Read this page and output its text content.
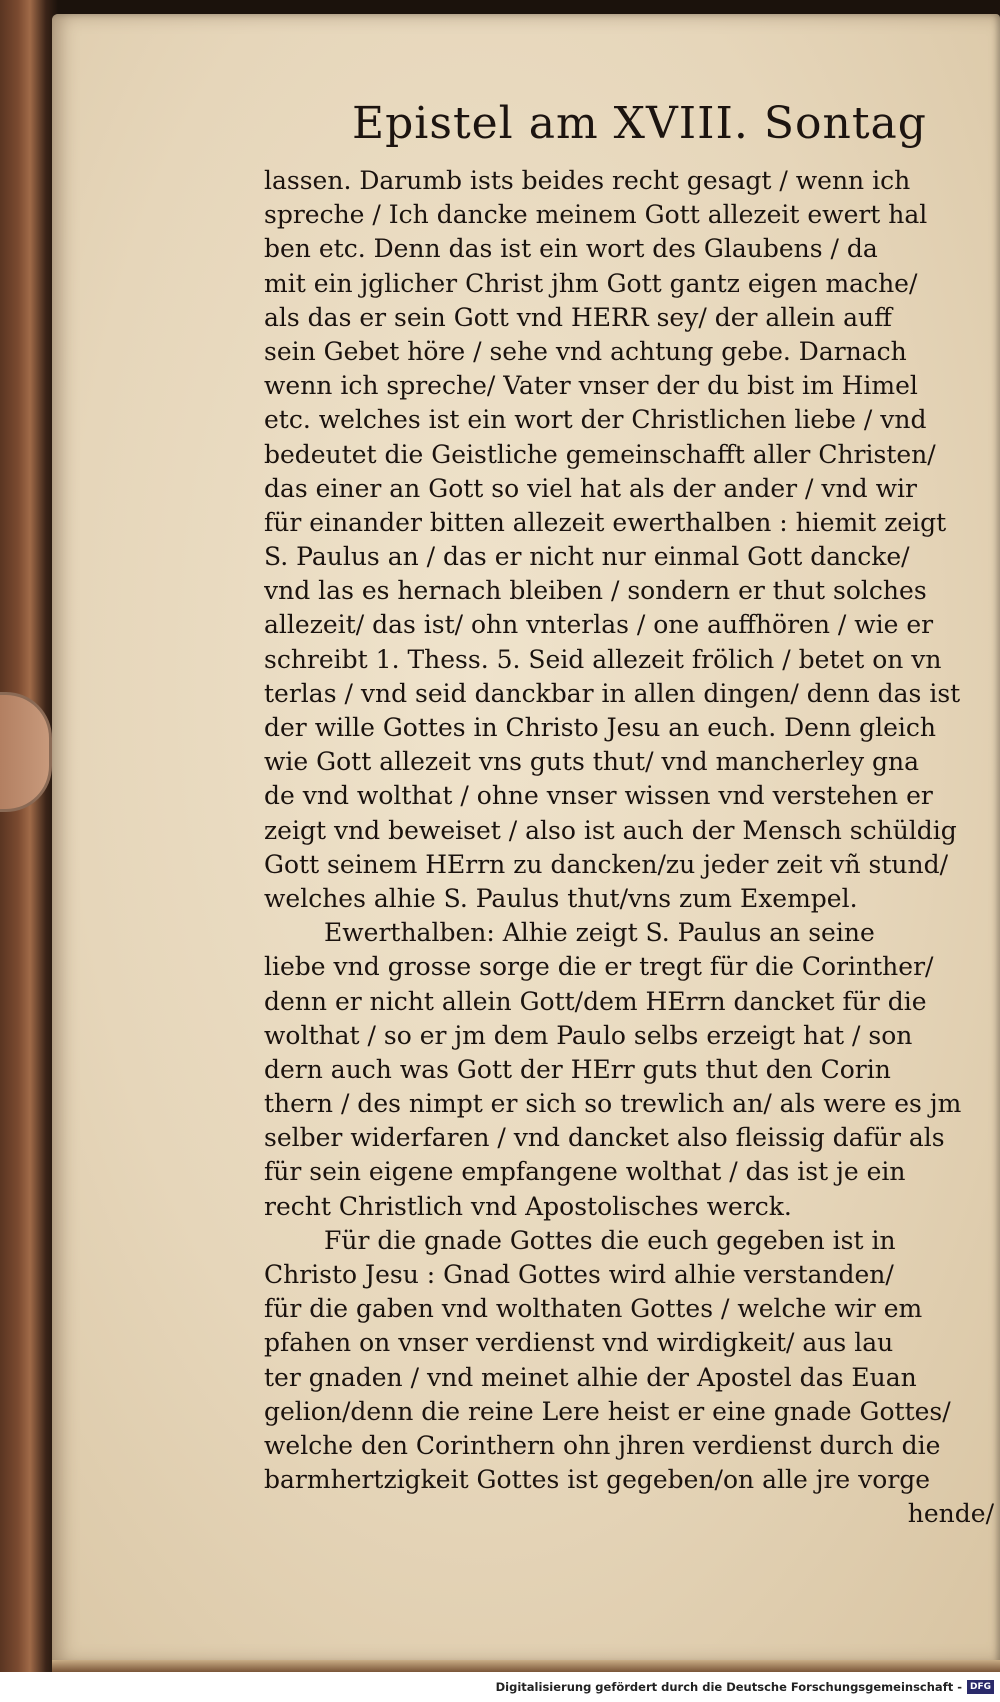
Epistel am XVIII. Sontag
lassen. Darumb ists beides recht gesagt / wenn ich
spreche / Ich dancke meinem Gott allezeit ewert hal
ben etc. Denn das ist ein wort des Glaubens / da
mit ein jglicher Christ jhm Gott gantz eigen mache/
als das er sein Gott vnd HERR sey/ der allein auff
sein Gebet höre / sehe vnd achtung gebe. Darnach
wenn ich spreche/ Vater vnser der du bist im Himel
etc. welches ist ein wort der Christlichen liebe / vnd
bedeutet die Geistliche gemeinschafft aller Christen/
das einer an Gott so viel hat als der ander / vnd wir
für einander bitten allezeit ewerthalben : hiemit zeigt
S. Paulus an / das er nicht nur einmal Gott dancke/
vnd las es hernach bleiben / sondern er thut solches
allezeit/ das ist/ ohn vnterlas / one auffhören / wie er
schreibt 1. Thess. 5. Seid allezeit frölich / betet on vn
terlas / vnd seid danckbar in allen dingen/ denn das ist
der wille Gottes in Christo Jesu an euch. Denn gleich
wie Gott allezeit vns guts thut/ vnd mancherley gna
de vnd wolthat / ohne vnser wissen vnd verstehen er
zeigt vnd beweiset / also ist auch der Mensch schüldig
Gott seinem HErrn zu dancken/zu jeder zeit vñ stund/
welches alhie S. Paulus thut/vns zum Exempel.
Ewerthalben: Alhie zeigt S. Paulus an seine
liebe vnd grosse sorge die er tregt für die Corinther/
denn er nicht allein Gott/dem HErrn dancket für die
wolthat / so er jm dem Paulo selbs erzeigt hat / son
dern auch was Gott der HErr guts thut den Corin
thern / des nimpt er sich so trewlich an/ als were es jm
selber widerfaren / vnd dancket also fleissig dafür als
für sein eigene empfangene wolthat / das ist je ein
recht Christlich vnd Apostolisches werck.
Für die gnade Gottes die euch gegeben ist in
Christo Jesu : Gnad Gottes wird alhie verstanden/
für die gaben vnd wolthaten Gottes / welche wir em
pfahen on vnser verdienst vnd wirdigkeit/ aus lau
ter gnaden / vnd meinet alhie der Apostel das Euan
gelion/denn die reine Lere heist er eine gnade Gottes/
welche den Corinthern ohn jhren verdienst durch die
barmhertzigkeit Gottes ist gegeben/on alle jre vorge
hende/
Digitalisierung gefördert durch die Deutsche Forschungsgemeinschaft - DFG
